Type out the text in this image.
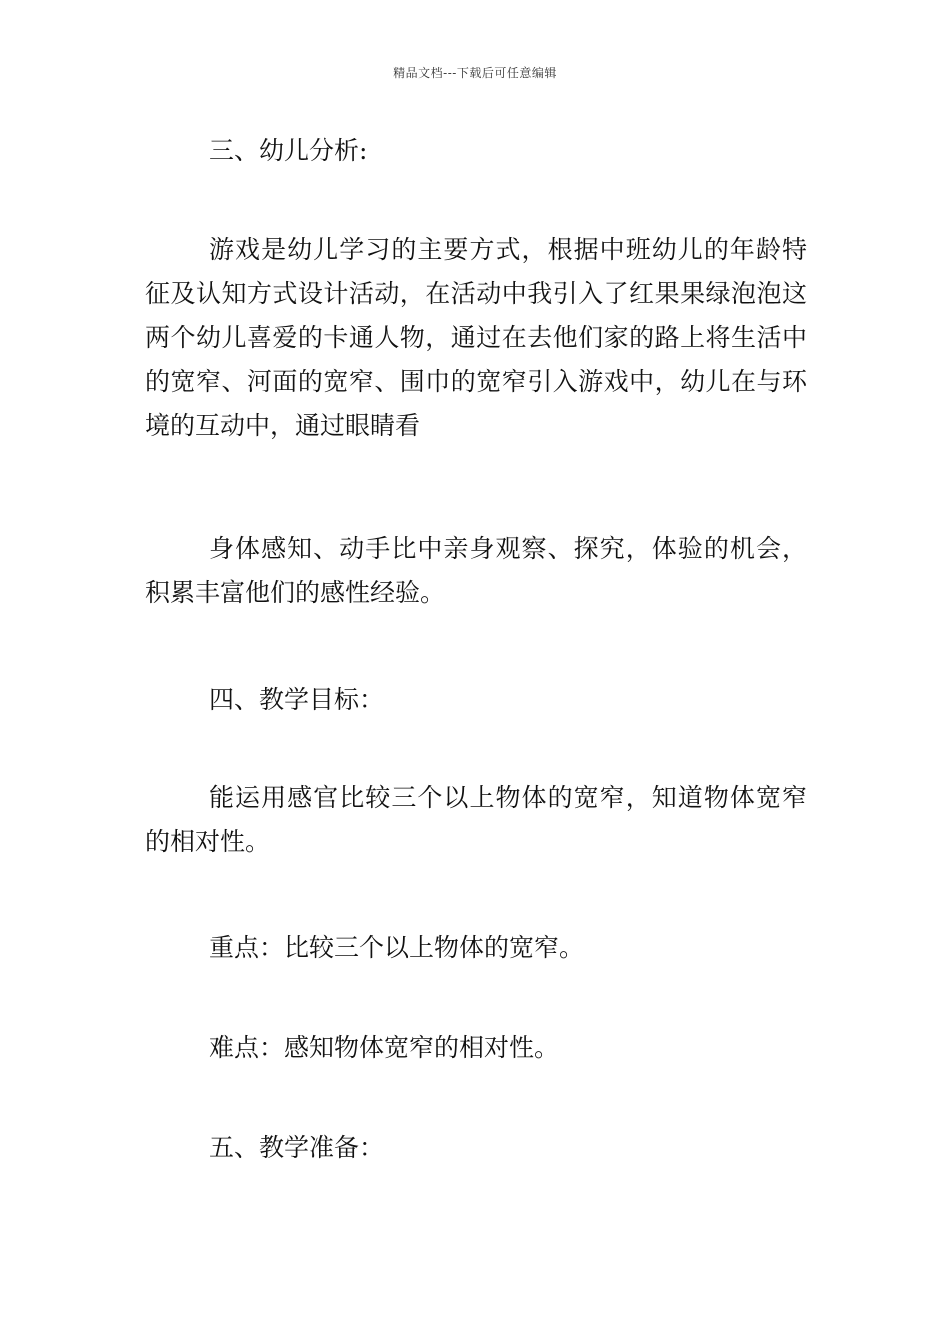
精品文档---下载后可任意编辑
三、幼儿分析:
游戏是幼儿学习的主要方式，根据中班幼儿的年龄特征及认知方式设计活动，在活动中我引入了红果果绿泡泡这两个幼儿喜爱的卡通人物，通过在去他们家的路上将生活中的宽窄、河面的宽窄、围巾的宽窄引入游戏中，幼儿在与环境的互动中，通过眼睛看
身体感知、动手比中亲身观察、探究，体验的机会，积累丰富他们的感性经验。
四、教学目标：
能运用感官比较三个以上物体的宽窄，知道物体宽窄的相对性。
重点：比较三个以上物体的宽窄。
难点：感知物体宽窄的相对性。
五、教学准备：
